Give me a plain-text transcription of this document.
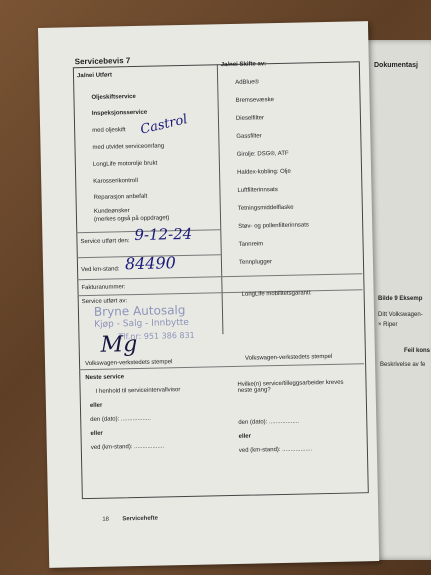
Dokumentasj
Bilde 9 Eksemp
Ditt Volkswagen-
× Riper
Feil kons
Beskrivelse av fe
Servicebevis 7
Ja/nei Utført
Ja/nei Skifte av:
Oljeskiftservice
Inspeksjonsservice
med oljeskift
med utvidet serviceomfang
LongLife motorolje brukt
Karosserikontroll
Reparasjon anbefalt
Kundeønsker
(merkes også på oppdraget)
AdBlue®
Bremsevæske
Dieselfilter
Gassfilter
Girolje: DSG®, ATF
Haldex-kobling: Olje
Luftfilterinnsats
Tetningsmiddelflaske
Støv- og pollenfilterinnsats
Tannreim
Tennplugger
Service utført den: 9-12-24
Ved km-stand: 84490
Fakturanummer:
Service utført av:
LongLife mobilitetsgaranti:
Castrol
Bryne Autosalg
Kjøp - Salg - Innbytte
Tlf.nr: 951 386 831
Mg
Volkswagen-verkstedets stempel
Volkswagen-verkstedets stempel
Neste service
I henhold til serviceintervallvisor
eller
den (dato): ..................
eller
ved (km-stand): ..................
Hvilke(n) service/tilleggsarbeider kreves neste gang?
den (dato): ..................
eller
ved (km-stand): ..................
18 Servicehefte
